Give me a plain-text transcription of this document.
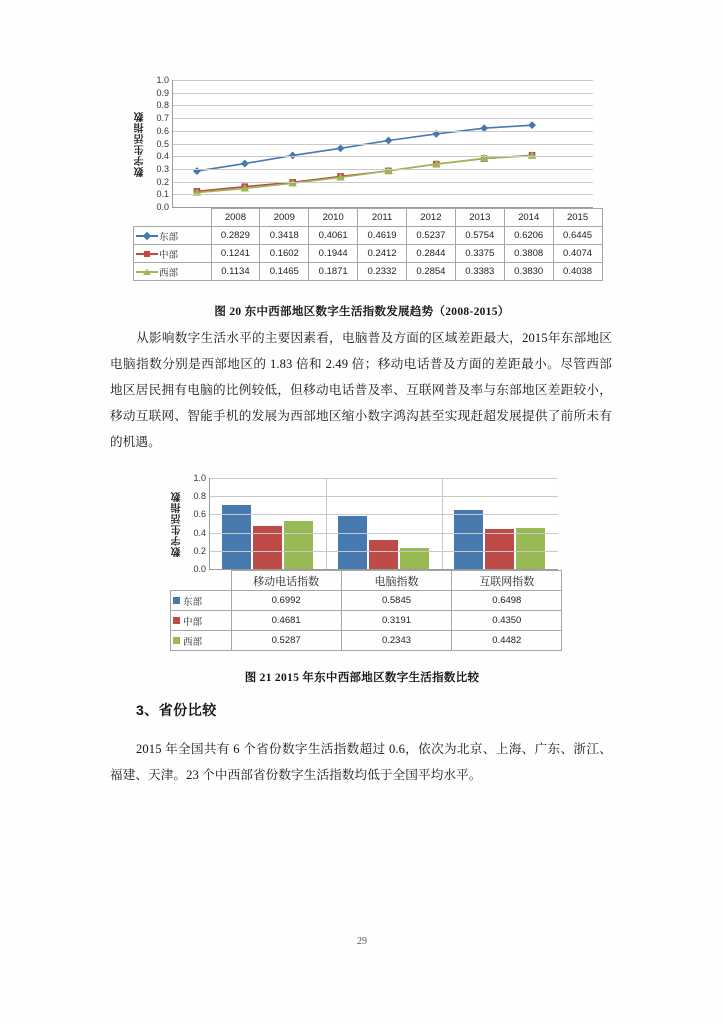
数字生活指数
0.0
0.1
0.2
0.3
0.4
0.5
0.6
0.7
0.8
0.9
1.0
	2008	2009	2010	2011	2012	2013	2014	2015

东部	0.2829	0.3418	0.4061	0.4619	0.5237	0.5754	0.6206	0.6445

中部	0.1241	0.1602	0.1944	0.2412	0.2844	0.3375	0.3808	0.4074

西部	0.1134	0.1465	0.1871	0.2332	0.2854	0.3383	0.3830	0.4038
图 20 东中西部地区数字生活指数发展趋势（2008-2015）
从影响数字生活水平的主要因素看，电脑普及方面的区域差距最大，2015年东部地区电脑指数分别是西部地区的 1.83 倍和 2.49 倍；移动电话普及方面的差距最小。尽管西部地区居民拥有电脑的比例较低，但移动电话普及率、互联网普及率与东部地区差距较小，移动互联网、智能手机的发展为西部地区缩小数字鸿沟甚至实现赶超发展提供了前所未有的机遇。
数字生活指数
0.0
0.2
0.4
0.6
0.8
1.0
	移动电话指数	电脑指数	互联网指数
东部	0.6992	0.5845	0.6498
中部	0.4681	0.3191	0.4350
西部	0.5287	0.2343	0.4482
图 21 2015 年东中西部地区数字生活指数比较
3、省份比较
2015 年全国共有 6 个省份数字生活指数超过 0.6，依次为北京、上海、广东、浙江、福建、天津。23 个中西部省份数字生活指数均低于全国平均水平。
29
